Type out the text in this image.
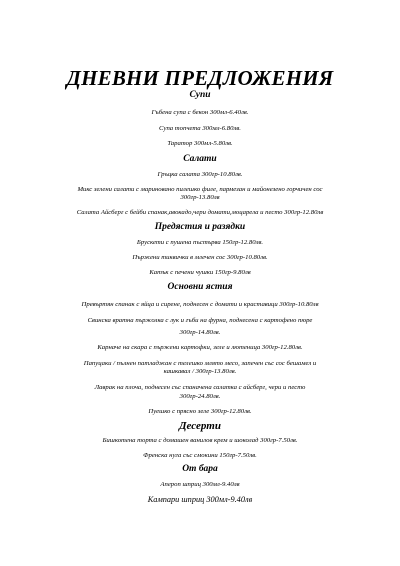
ДНЕВНИ ПРЕДЛОЖЕНИЯ
Супи
Гъбена супа с бекон 300мл-6.40лв.
Супа топчета 300мл-6.80лв.
Таратор 300мл-5.80лв.
Салати
Гръцка салата 300гр-10.80лв.
Микс зелени салати с мариновано пилешко филе, пармезан и майонезено горчичен сос
300гр-13.80лв
Салата Айсберг с бейби спанак,авокадо,чери домати,моцарела и песто 300гр-12.80лв
Предястия и разядки
Брускети с пушена пъстърва 150гр-12.80лв.
Пържени тиквички в млечен сос 300гр-10.80лв.
Катък с печени чушки 150гр-9.80лв
Основни ястия
Превъртян спанак с яйца и сирене, поднесен с домати и краставици 300гр-10.80лв
Свинска вратна пържолка с лук и гъби на фурна, поднесена с картофено пюре
300гр-14.80лв.
Карначе на скара с пържени картофки, зеле и лютеница 300гр-12.80лв.
Папуцаки / пълнен патладжан с телешко млято месо, запечен със сос бешамел и
кашкавал / 300гр-13.80лв.
Лаврак на плоча, поднесен със спаначена салатка с айсберг, чери и песто
300гр-24.80лв.
Пуешко с прясно зеле 300гр-12.80лв.
Десерти
Бишкотена торта с домашен ванилов крем и шоколад 300гр-7.50лв.
Френска нуга със смокини 150гр-7.50лв.
От бара
Апероп шприц 300мл-9.40лв
Кампари шприц 300мл-9.40лв
